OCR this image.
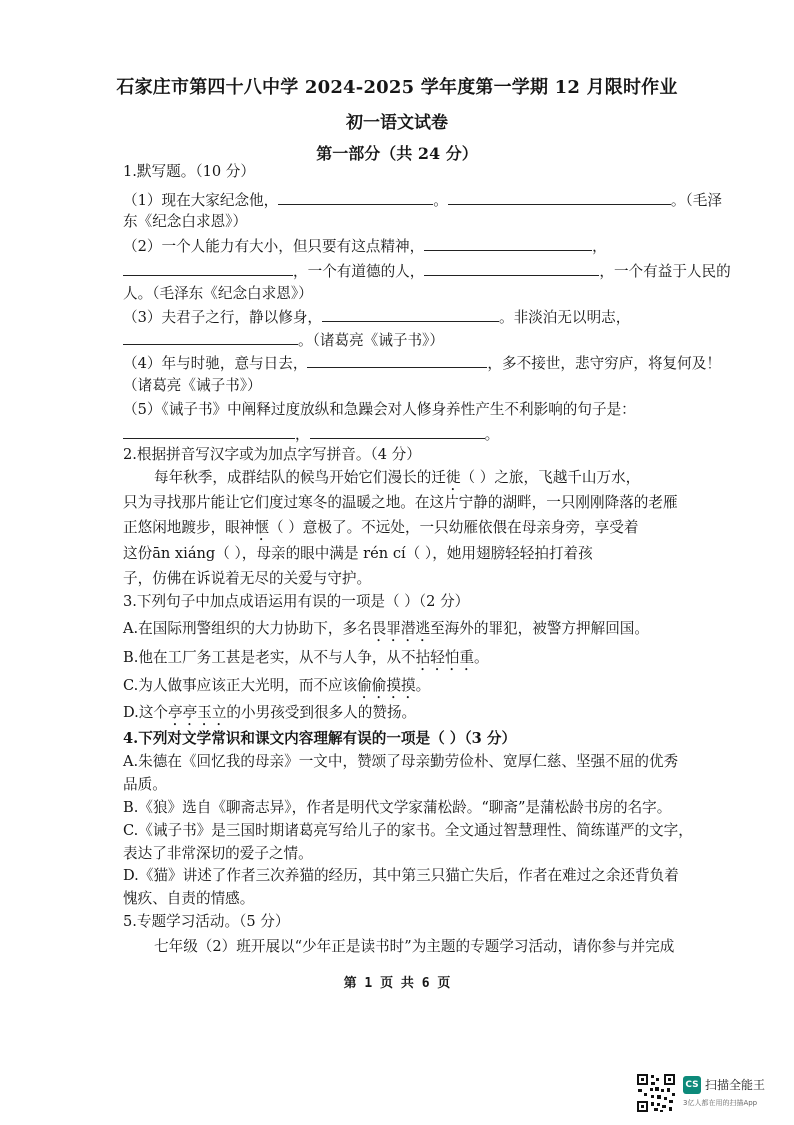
石家庄市第四十八中学 2024-2025 学年度第一学期 12 月限时作业
初一语文试卷
第一部分（共 24 分）
1.默写题。（10 分）
（1）现在大家纪念他，	。	。（毛泽
东《纪念白求恩》）
（2）一个人能力有大小，但只要有这点精神，	，
，一个有道德的人，	，一个有益于人民的
人。（毛泽东《纪念白求恩》）
（3）夫君子之行，静以修身，	。非淡泊无以明志，
。（诸葛亮《诫子书》）
（4）年与时驰，意与日去，	，多不接世，悲守穷庐，将复何及！
（诸葛亮《诫子书》）
（5）《诫子书》中阐释过度放纵和急躁会对人修身养性产生不利影响的句子是：
，	。
2.根据拼音写汉字或为加点字写拼音。（4 分）
每年秋季，成群结队的候鸟开始它们漫长的迁徙（ ）之旅，飞越千山万水，
只为寻找那片能让它们度过寒冬的温暖之地。在这片宁静的湖畔，一只刚刚降落的老雁
正悠闲地踱步，眼神惬（ ）意极了。不远处，一只幼雁依偎在母亲身旁，享受着
这份ān xiáng（ ），母亲的眼中满是 rén cí（ ），她用翅膀轻轻拍打着孩
子，仿佛在诉说着无尽的关爱与守护。
3.下列句子中加点成语运用有误的一项是（ ）（2 分）
A.在国际刑警组织的大力协助下，多名畏罪潜逃至海外的罪犯，被警方押解回国。
B.他在工厂务工甚是老实，从不与人争，从不拈轻怕重。
C.为人做事应该正大光明，而不应该偷偷摸摸。
D.这个亭亭玉立的小男孩受到很多人的赞扬。
4.下列对文学常识和课文内容理解有误的一项是（ ）（3 分）
A.朱德在《回忆我的母亲》一文中，赞颂了母亲勤劳俭朴、宽厚仁慈、坚强不屈的优秀
品质。
B.《狼》选自《聊斋志异》，作者是明代文学家蒲松龄。“聊斋”是蒲松龄书房的名字。
C.《诫子书》是三国时期诸葛亮写给儿子的家书。全文通过智慧理性、简练谨严的文字，
表达了非常深切的爱子之情。
D.《猫》讲述了作者三次养猫的经历，其中第三只猫亡失后，作者在难过之余还背负着
愧疚、自责的情感。
5.专题学习活动。（5 分）
七年级（2）班开展以“少年正是读书时”为主题的专题学习活动，请你参与并完成
第 1 页 共 6 页
CS 扫描全能王
3亿人都在用的扫描App
